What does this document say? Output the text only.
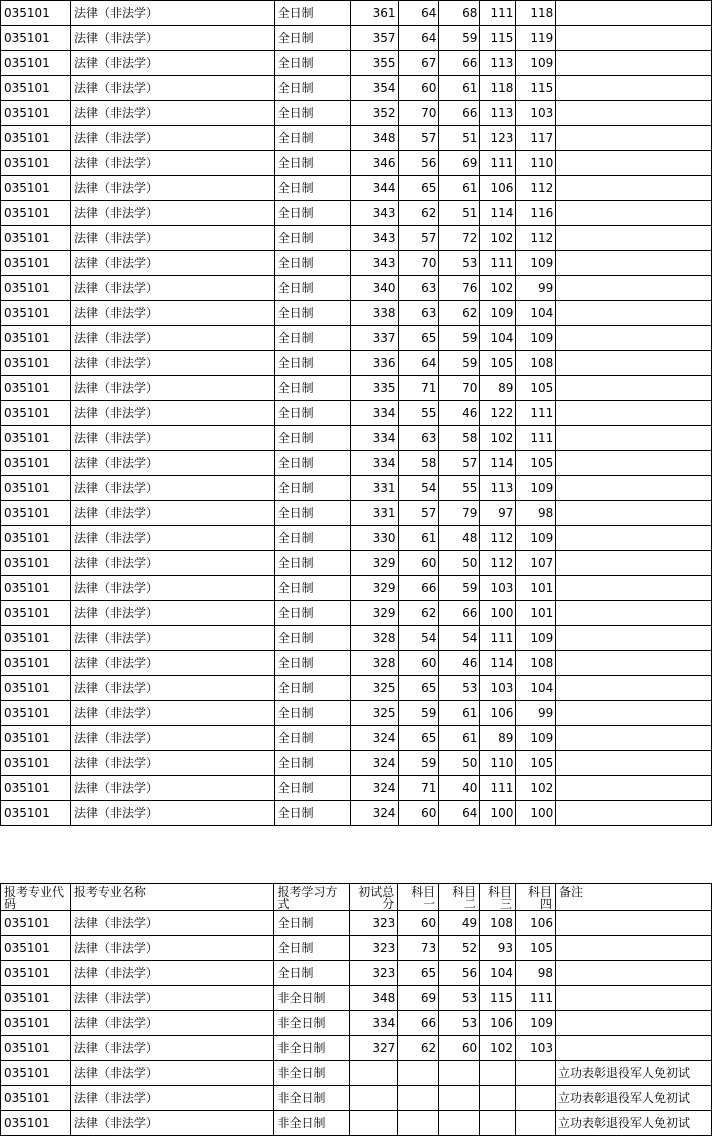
035101	法律（非法学）	全日制	361	64	68	111	118	
035101	法律（非法学）	全日制	357	64	59	115	119	
035101	法律（非法学）	全日制	355	67	66	113	109	
035101	法律（非法学）	全日制	354	60	61	118	115	
035101	法律（非法学）	全日制	352	70	66	113	103	
035101	法律（非法学）	全日制	348	57	51	123	117	
035101	法律（非法学）	全日制	346	56	69	111	110	
035101	法律（非法学）	全日制	344	65	61	106	112	
035101	法律（非法学）	全日制	343	62	51	114	116	
035101	法律（非法学）	全日制	343	57	72	102	112	
035101	法律（非法学）	全日制	343	70	53	111	109	
035101	法律（非法学）	全日制	340	63	76	102	99	
035101	法律（非法学）	全日制	338	63	62	109	104	
035101	法律（非法学）	全日制	337	65	59	104	109	
035101	法律（非法学）	全日制	336	64	59	105	108	
035101	法律（非法学）	全日制	335	71	70	89	105	
035101	法律（非法学）	全日制	334	55	46	122	111	
035101	法律（非法学）	全日制	334	63	58	102	111	
035101	法律（非法学）	全日制	334	58	57	114	105	
035101	法律（非法学）	全日制	331	54	55	113	109	
035101	法律（非法学）	全日制	331	57	79	97	98	
035101	法律（非法学）	全日制	330	61	48	112	109	
035101	法律（非法学）	全日制	329	60	50	112	107	
035101	法律（非法学）	全日制	329	66	59	103	101	
035101	法律（非法学）	全日制	329	62	66	100	101	
035101	法律（非法学）	全日制	328	54	54	111	109	
035101	法律（非法学）	全日制	328	60	46	114	108	
035101	法律（非法学）	全日制	325	65	53	103	104	
035101	法律（非法学）	全日制	325	59	61	106	99	
035101	法律（非法学）	全日制	324	65	61	89	109	
035101	法律（非法学）	全日制	324	59	50	110	105	
035101	法律（非法学）	全日制	324	71	40	111	102	
035101	法律（非法学）	全日制	324	60	64	100	100	
报考专业代码	报考专业名称	报考学习方式	初试总分	科目一	科目二	科目三	科目四	备注
035101	法律（非法学）	全日制	323	60	49	108	106	
035101	法律（非法学）	全日制	323	73	52	93	105	
035101	法律（非法学）	全日制	323	65	56	104	98	
035101	法律（非法学）	非全日制	348	69	53	115	111	
035101	法律（非法学）	非全日制	334	66	53	106	109	
035101	法律（非法学）	非全日制	327	62	60	102	103	
035101	法律（非法学）	非全日制						立功表彰退役军人免初试
035101	法律（非法学）	非全日制						立功表彰退役军人免初试
035101	法律（非法学）	非全日制						立功表彰退役军人免初试
